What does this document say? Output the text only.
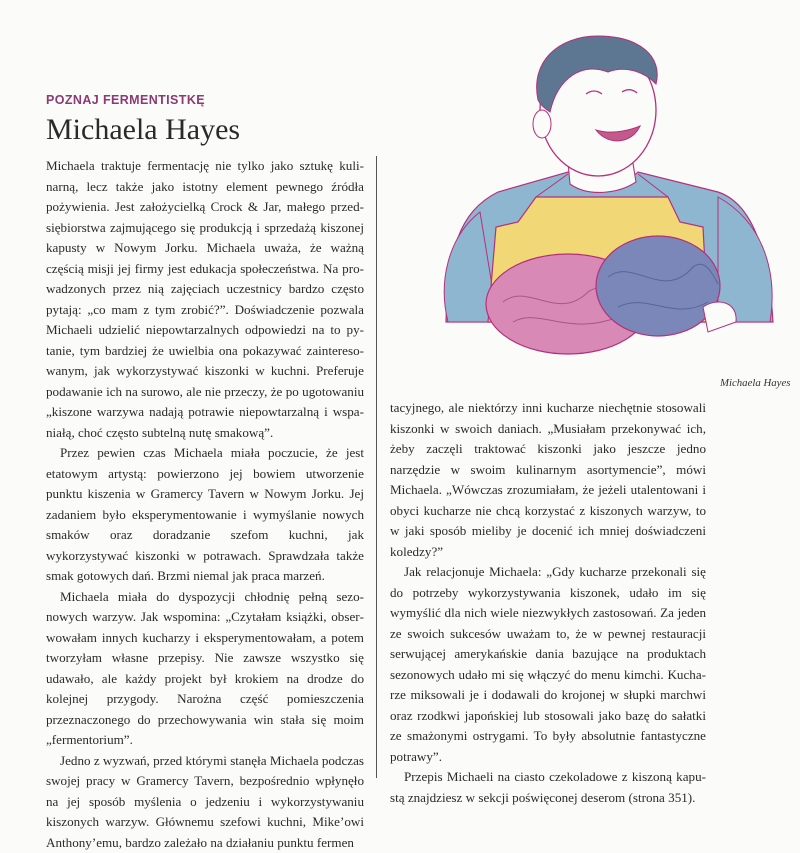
POZNAJ FERMENTISTKĘ
Michaela Hayes
Michaela Hayes

Michaela traktuje fermentację nie tylko jako sztukę kulinarną, lecz także jako istotny element pewnego źródła pożywienia. Jest założycielką Crock & Jar, małego przedsiębiorstwa zajmującego się produkcją i sprzedażą kiszonej kapusty w Nowym Jorku. Michaela uważa, że ważną częścią misji jej firmy jest edukacja społeczeństwa. Na prowadzonych przez nią zajęciach uczestnicy bardzo często pytają: „co mam z tym zrobić?”. Doświadczenie pozwala Michaeli udzielić niepowtarzalnych odpowiedzi na to pytanie, tym bardziej że uwielbia ona pokazywać zainteresowanym, jak wykorzystywać kiszonki w kuchni. Preferuje podawanie ich na surowo, ale nie przeczy, że po ugotowaniu „kiszone warzywa nadają potrawie niepowtarzalną i wspaniałą, choć często subtelną nutę smakową”.

Przez pewien czas Michaela miała poczucie, że jest etatowym artystą: powierzono jej bowiem utworzenie punktu kiszenia w Gramercy Tavern w Nowym Jorku. Jej zadaniem było eksperymentowanie i wymyślanie nowych smaków oraz doradzanie szefom kuchni, jak wykorzystywać kiszonki w potrawach. Sprawdzała także smak gotowych dań. Brzmi niemal jak praca marzeń.

Michaela miała do dyspozycji chłodnię pełną sezonowych warzyw. Jak wspomina: „Czytałam książki, obserwowałam innych kucharzy i eksperymentowałam, a potem tworzyłam własne przepisy. Nie zawsze wszystko się udawało, ale każdy projekt był krokiem na drodze do kolejnej przygody. Narożna część pomieszczenia przeznaczonego do przechowywania win stała się moim „fermentorium”.

Jedno z wyzwań, przed którymi stanęła Michaela podczas swojej pracy w Gramercy Tavern, bezpośrednio wpłynęło na jej sposób myślenia o jedzeniu i wykorzystywaniu kiszonych warzyw. Głównemu szefowi kuchni, Mike’owi Anthony’emu, bardzo zależało na działaniu punktu fermen

tacyjnego, ale niektórzy inni kucharze niechętnie stosowali kiszonki w swoich daniach. „Musiałam przekonywać ich, żeby zaczęli traktować kiszonki jako jeszcze jedno narzędzie w swoim kulinarnym asortymencie”, mówi Michaela. „Wówczas zrozumiałam, że jeżeli utalentowani i obyci kucharze nie chcą korzystać z kiszonych warzyw, to w jaki sposób mieliby je docenić ich mniej doświadczeni koledzy?”

Jak relacjonuje Michaela: „Gdy kucharze przekonali się do potrzeby wykorzystywania kiszonek, udało im się wymyślić dla nich wiele niezwykłych zastosowań. Za jeden ze swoich sukcesów uważam to, że w pewnej restauracji serwującej amerykańskie dania bazujące na produktach sezonowych udało mi się włączyć do menu kimchi. Kucharze miksowali je i dodawali do krojonej w słupki marchwi oraz rzodkwi japońskiej lub stosowali jako bazę do sałatki ze smażonymi ostrygami. To były absolutnie fantastyczne potrawy”.

Przepis Michaeli na ciasto czekoladowe z kiszoną kapustą znajdziesz w sekcji poświęconej deserom (strona 351).
